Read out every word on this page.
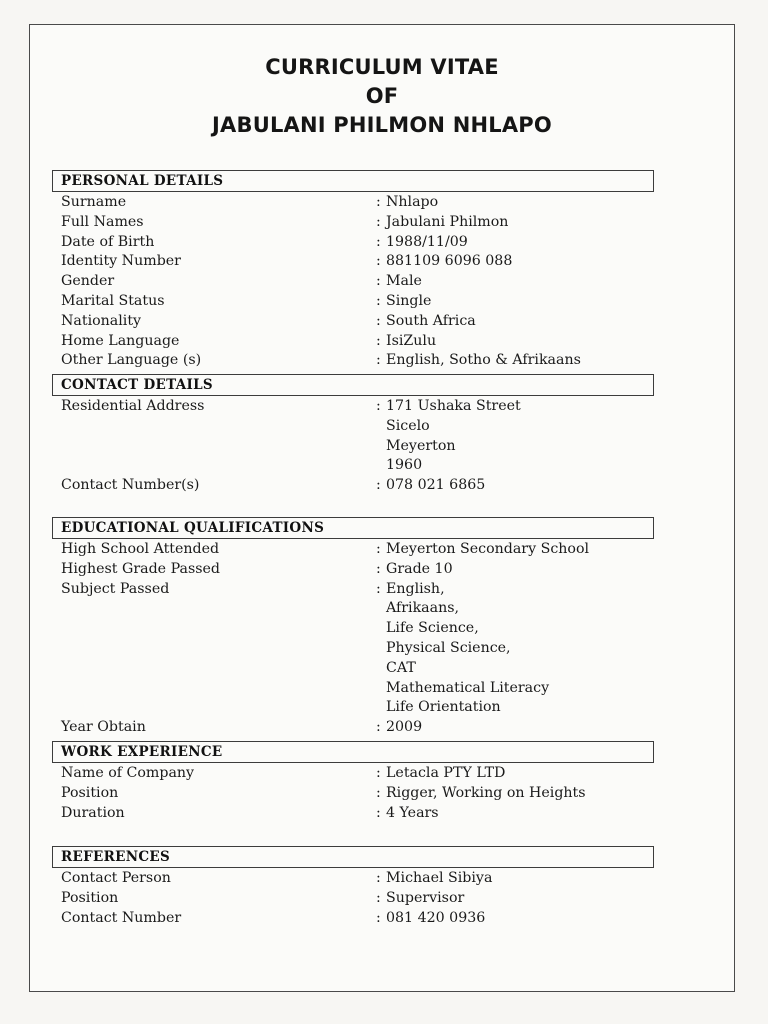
CURRICULUM VITAE
OF
JABULANI PHILMON NHLAPO
PERSONAL DETAILS
Surname	: Nhlapo
Full Names	: Jabulani Philmon
Date of Birth	: 1988/11/09
Identity Number	: 881109 6096 088
Gender	: Male
Marital Status	: Single
Nationality	: South Africa
Home Language	: IsiZulu
Other Language (s)	: English, Sotho & Afrikaans
CONTACT DETAILS
Residential Address	: 171 Ushaka Street
Sicelo
Meyerton
1960
Contact Number(s)	: 078 021 6865
EDUCATIONAL QUALIFICATIONS
High School Attended	: Meyerton Secondary School
Highest Grade Passed	: Grade 10
Subject Passed	: English,
Afrikaans,
Life Science,
Physical Science,
CAT
Mathematical Literacy
Life Orientation
Year Obtain	: 2009
WORK EXPERIENCE
Name of Company	: Letacla PTY LTD
Position	: Rigger, Working on Heights
Duration	: 4 Years
REFERENCES
Contact Person	: Michael Sibiya
Position	: Supervisor
Contact Number	: 081 420 0936
